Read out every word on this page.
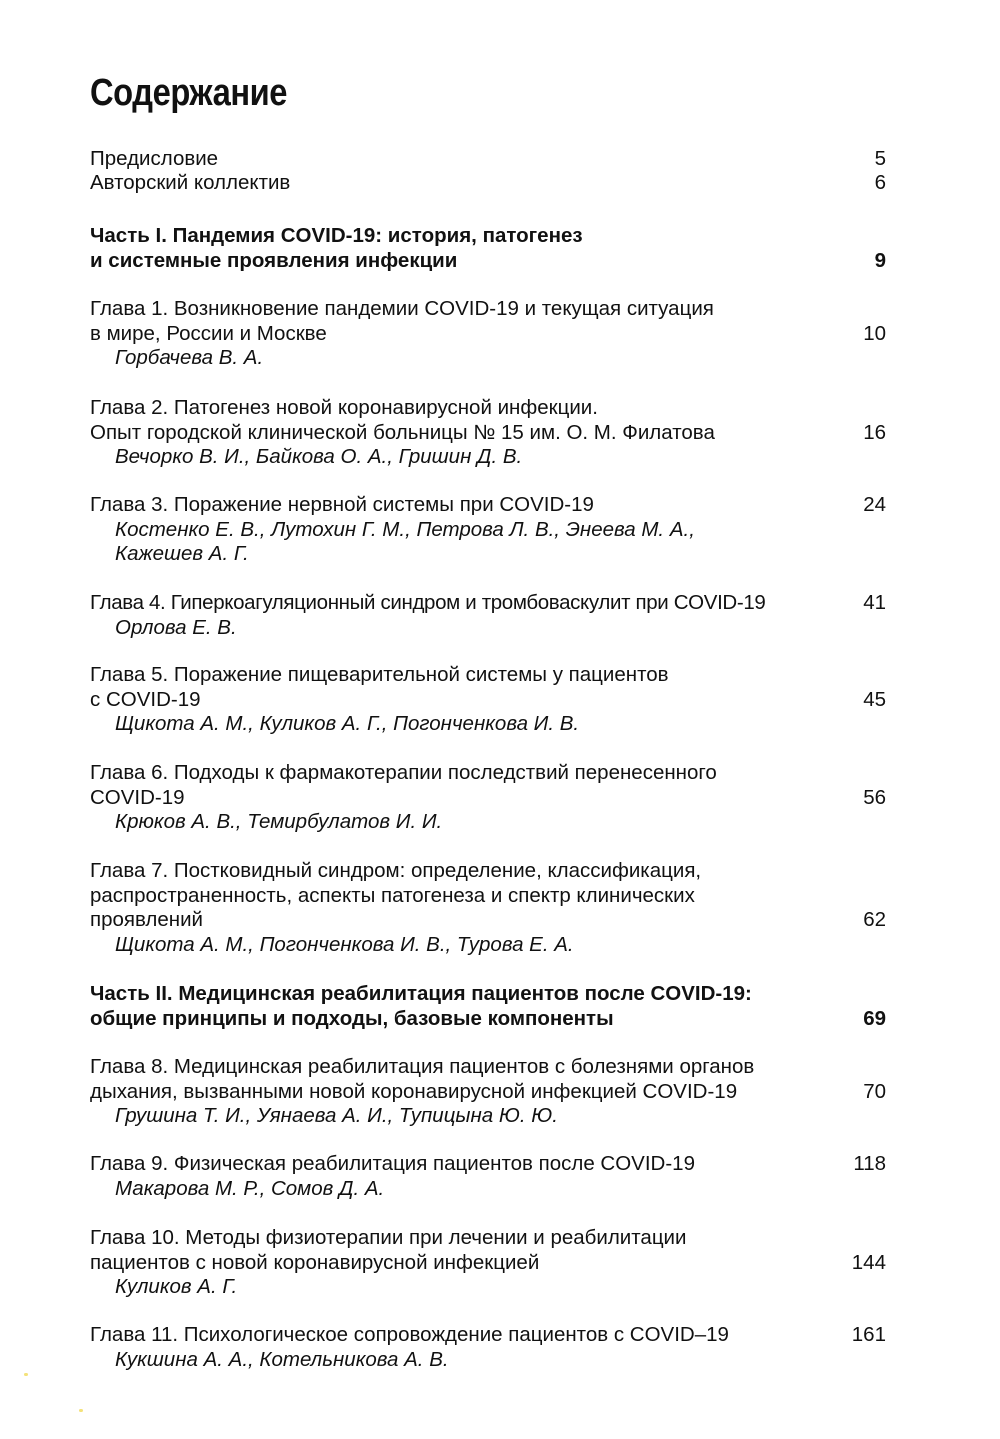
Содержание
Предисловие	5
Авторский коллектив	6
Часть I. Пандемия COVID-19: история, патогенез
и системные проявления инфекции	9
Глава 1. Возникновение пандемии COVID-19 и текущая ситуация
в мире, России и Москве	10
Горбачева В. А.
Глава 2. Патогенез новой коронавирусной инфекции.
Опыт городской клинической больницы № 15 им. О. М. Филатова	16
Вечорко В. И., Байкова О. А., Гришин Д. В.
Глава 3. Поражение нервной системы при COVID-19	24
Костенко Е. В., Лутохин Г. М., Петрова Л. В., Энеева М. А.,
Кажешев А. Г.
Глава 4. Гиперкоагуляционный синдром и тромбоваскулит при COVID-19	41
Орлова Е. В.
Глава 5. Поражение пищеварительной системы у пациентов
с COVID-19	45
Щикота А. М., Куликов А. Г., Погонченкова И. В.
Глава 6. Подходы к фармакотерапии последствий перенесенного
COVID-19	56
Крюков А. В., Темирбулатов И. И.
Глава 7. Постковидный синдром: определение, классификация,
распространенность, аспекты патогенеза и спектр клинических
проявлений	62
Щикота А. М., Погонченкова И. В., Турова Е. А.
Часть II. Медицинская реабилитация пациентов после COVID-19:
общие принципы и подходы, базовые компоненты	69
Глава 8. Медицинская реабилитация пациентов с болезнями органов
дыхания, вызванными новой коронавирусной инфекцией COVID-19	70
Грушина Т. И., Уянаева А. И., Тупицына Ю. Ю.
Глава 9. Физическая реабилитация пациентов после COVID-19	118
Макарова М. Р., Сомов Д. А.
Глава 10. Методы физиотерапии при лечении и реабилитации
пациентов с новой коронавирусной инфекцией	144
Куликов А. Г.
Глава 11. Психологическое сопровождение пациентов с COVID–19	161
Кукшина А. А., Котельникова А. В.
